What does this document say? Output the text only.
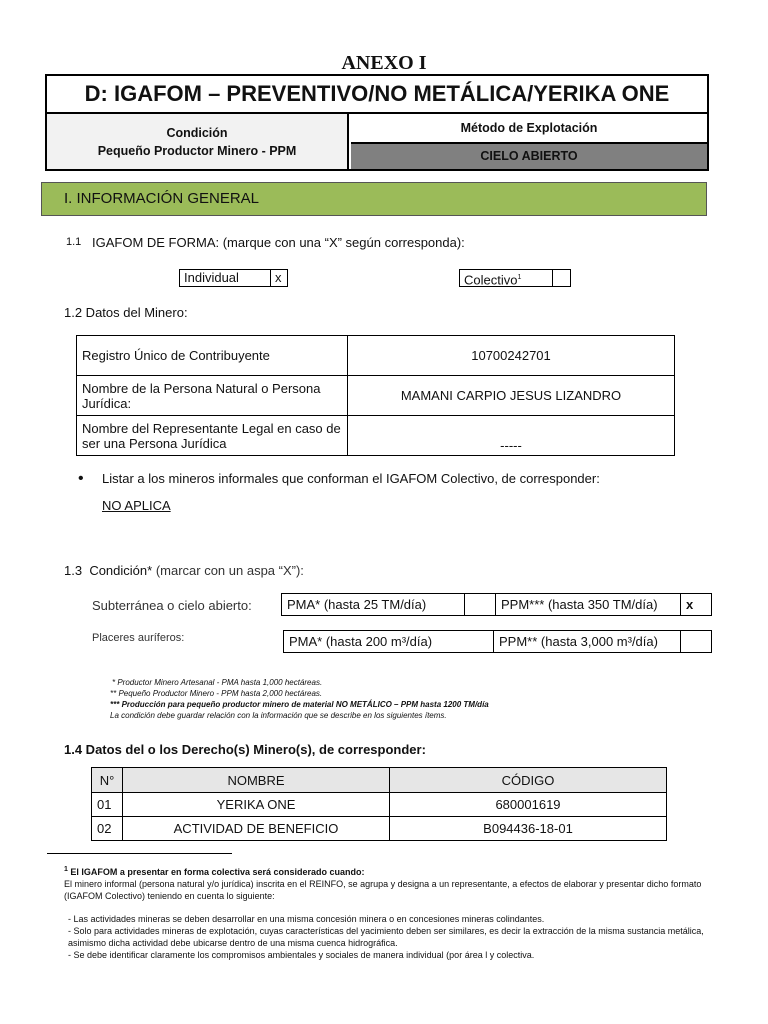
ANEXO I
D: IGAFOM – PREVENTIVO/NO METÁLICA/YERIKA ONE
Condición
Pequeño Productor Minero - PPM
Método de Explotación
CIELO ABIERTO
I. INFORMACIÓN GENERAL
1.1 IGAFOM DE FORMA: (marque con una “X” según corresponda):
Individual	x	Colectivo$^1$
1.2 Datos del Minero:
Registro Único de Contribuyente	10700242701
Nombre de la Persona Natural o Persona Jurídica:	MAMANI CARPIO JESUS LIZANDRO
Nombre del Representante Legal en caso de ser una Persona Jurídica	-----
• Listar a los mineros informales que conforman el IGAFOM Colectivo, de corresponder:
NO APLICA
1.3 Condición* (marcar con un aspa “X”):
Subterránea o cielo abierto:	PMA* (hasta 25 TM/día)		PPM*** (hasta 350 TM/día)	x
Placeres auríferos:	PMA* (hasta 200 m³/día)	PPM** (hasta 3,000 m³/día)	
* Productor Minero Artesanal - PMA hasta 1,000 hectáreas.
** Pequeño Productor Minero - PPM hasta 2,000 hectáreas.
*** Producción para pequeño productor minero de material NO METÁLICO – PPM hasta 1200 TM/día
La condición debe guardar relación con la información que se describe en los siguientes ítems.
1.4 Datos del o los Derecho(s) Minero(s), de corresponder:
N°	NOMBRE	CÓDIGO
01	YERIKA ONE	680001619
02	ACTIVIDAD DE BENEFICIO	B094436-18-01
$^1$ El IGAFOM a presentar en forma colectiva será considerado cuando:
El minero informal (persona natural y/o jurídica) inscrita en el REINFO, se agrupa y designa a un representante, a efectos de elaborar y presentar dicho formato (IGAFOM Colectivo) teniendo en cuenta lo siguiente:
- Las actividades mineras se deben desarrollar en una misma concesión minera o en concesiones mineras colindantes.
- Solo para actividades mineras de explotación, cuyas características del yacimiento deben ser similares, es decir la extracción de la misma sustancia metálica, asimismo dicha actividad debe ubicarse dentro de una misma cuenca hidrográfica.
- Se debe identificar claramente los compromisos ambientales y sociales de manera individual (por área l y colectiva.
